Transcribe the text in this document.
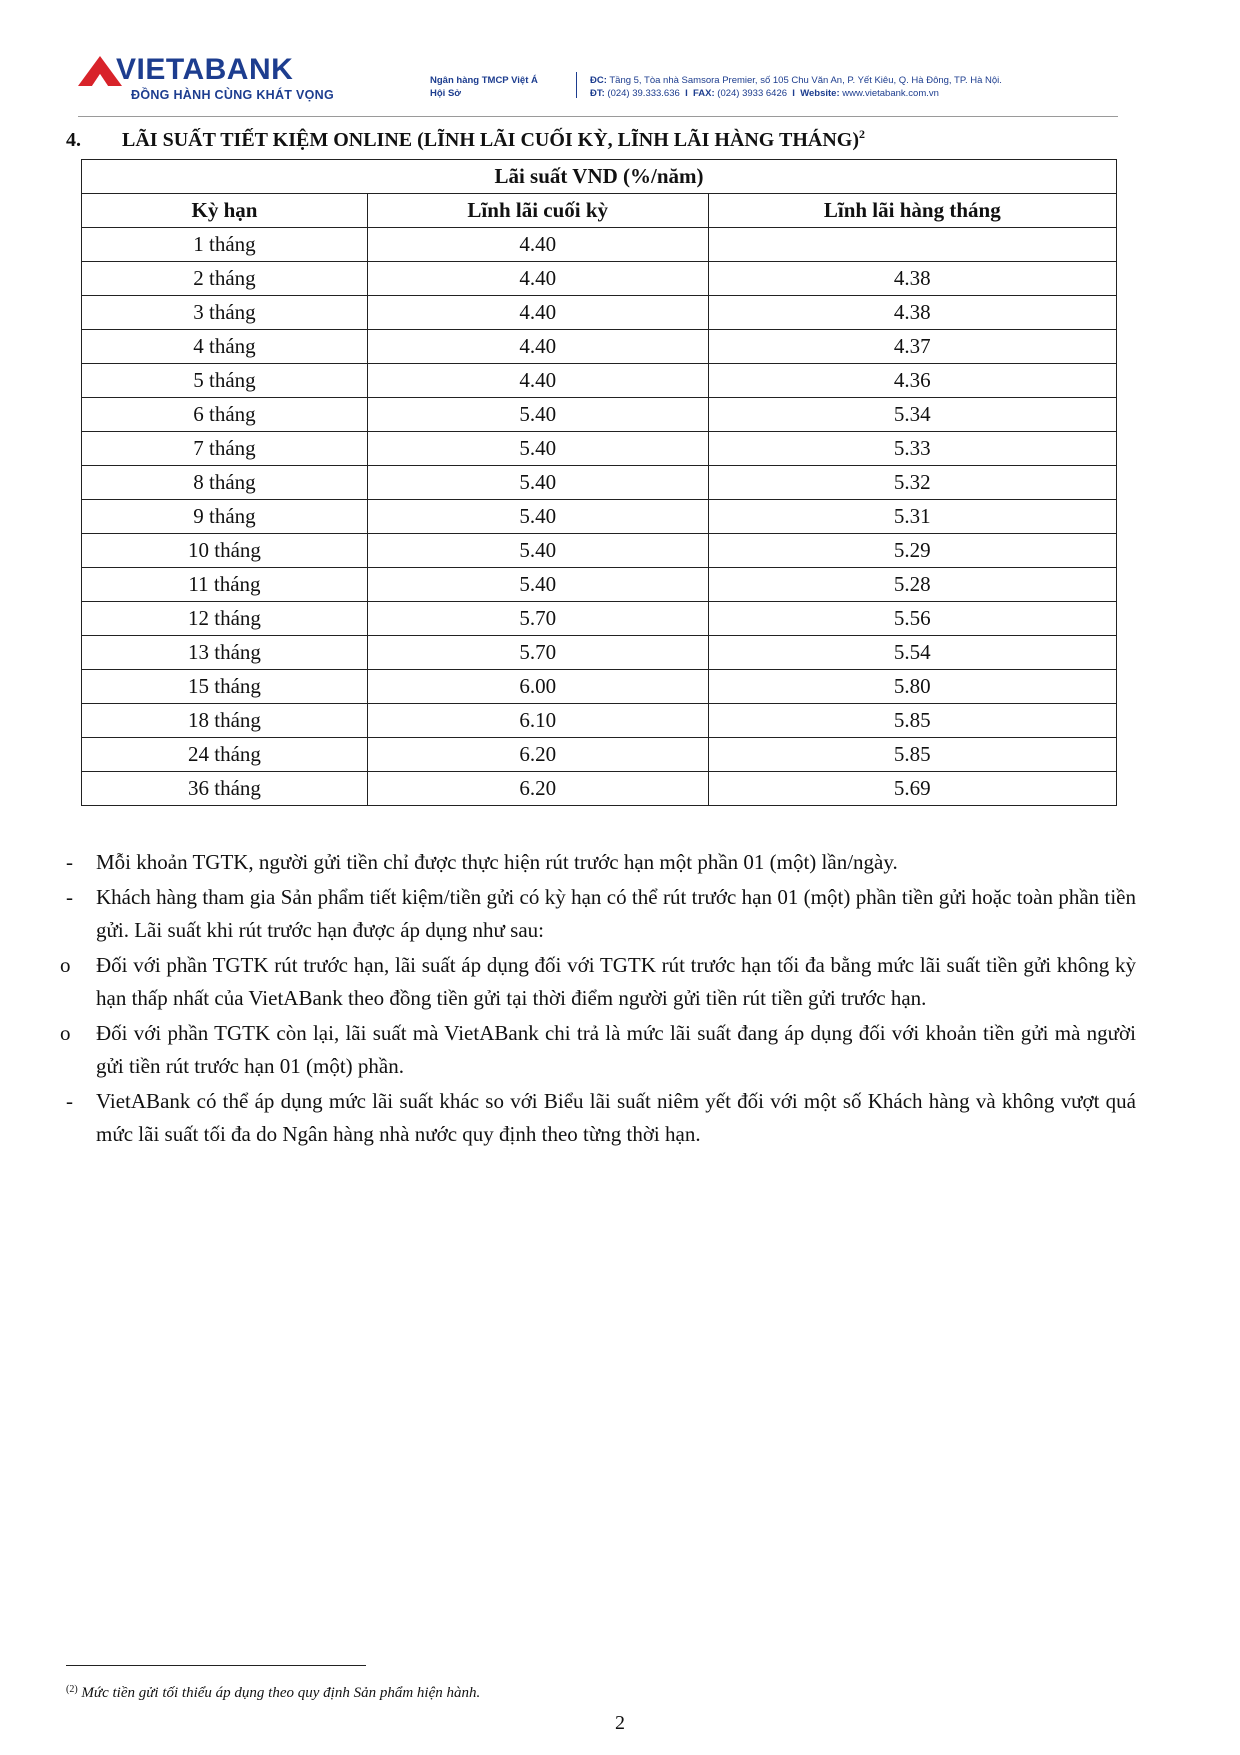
VIETABANK
ĐỒNG HÀNH CÙNG KHÁT VỌNG
Ngân hàng TMCP Việt Á
Hội Sở
ĐC: Tầng 5, Tòa nhà Samsora Premier, số 105 Chu Văn An, P. Yết Kiêu, Q. Hà Đông, TP. Hà Nội.
ĐT: (024) 39.333.636 I FAX: (024) 3933 6426 I Website: www.vietabank.com.vn
4. LÃI SUẤT TIẾT KIỆM ONLINE (LĨNH LÃI CUỐI KỲ, LĨNH LÃI HÀNG THÁNG)$^2$
Lãi suất VND (%/năm)		
Kỳ hạn	Lĩnh lãi cuối kỳ	Lĩnh lãi hàng tháng
1 tháng	4.40	
2 tháng	4.40	4.38
3 tháng	4.40	4.38
4 tháng	4.40	4.37
5 tháng	4.40	4.36
6 tháng	5.40	5.34
7 tháng	5.40	5.33
8 tháng	5.40	5.32
9 tháng	5.40	5.31
10 tháng	5.40	5.29
11 tháng	5.40	5.28
12 tháng	5.70	5.56
13 tháng	5.70	5.54
15 tháng	6.00	5.80
18 tháng	6.10	5.85
24 tháng	6.20	5.85
36 tháng	6.20	5.69
- Mỗi khoản TGTK, người gửi tiền chỉ được thực hiện rút trước hạn một phần 01 (một) lần/ngày.
- Khách hàng tham gia Sản phẩm tiết kiệm/tiền gửi có kỳ hạn có thể rút trước hạn 01 (một) phần tiền gửi hoặc toàn phần tiền gửi. Lãi suất khi rút trước hạn được áp dụng như sau:
o Đối với phần TGTK rút trước hạn, lãi suất áp dụng đối với TGTK rút trước hạn tối đa bằng mức lãi suất tiền gửi không kỳ hạn thấp nhất của VietABank theo đồng tiền gửi tại thời điểm người gửi tiền rút tiền gửi trước hạn.
o Đối với phần TGTK còn lại, lãi suất mà VietABank chi trả là mức lãi suất đang áp dụng đối với khoản tiền gửi mà người gửi tiền rút trước hạn 01 (một) phần.
- VietABank có thể áp dụng mức lãi suất khác so với Biểu lãi suất niêm yết đối với một số Khách hàng và không vượt quá mức lãi suất tối đa do Ngân hàng nhà nước quy định theo từng thời hạn.
$^{(2)}$ Mức tiền gửi tối thiểu áp dụng theo quy định Sản phẩm hiện hành.
2
